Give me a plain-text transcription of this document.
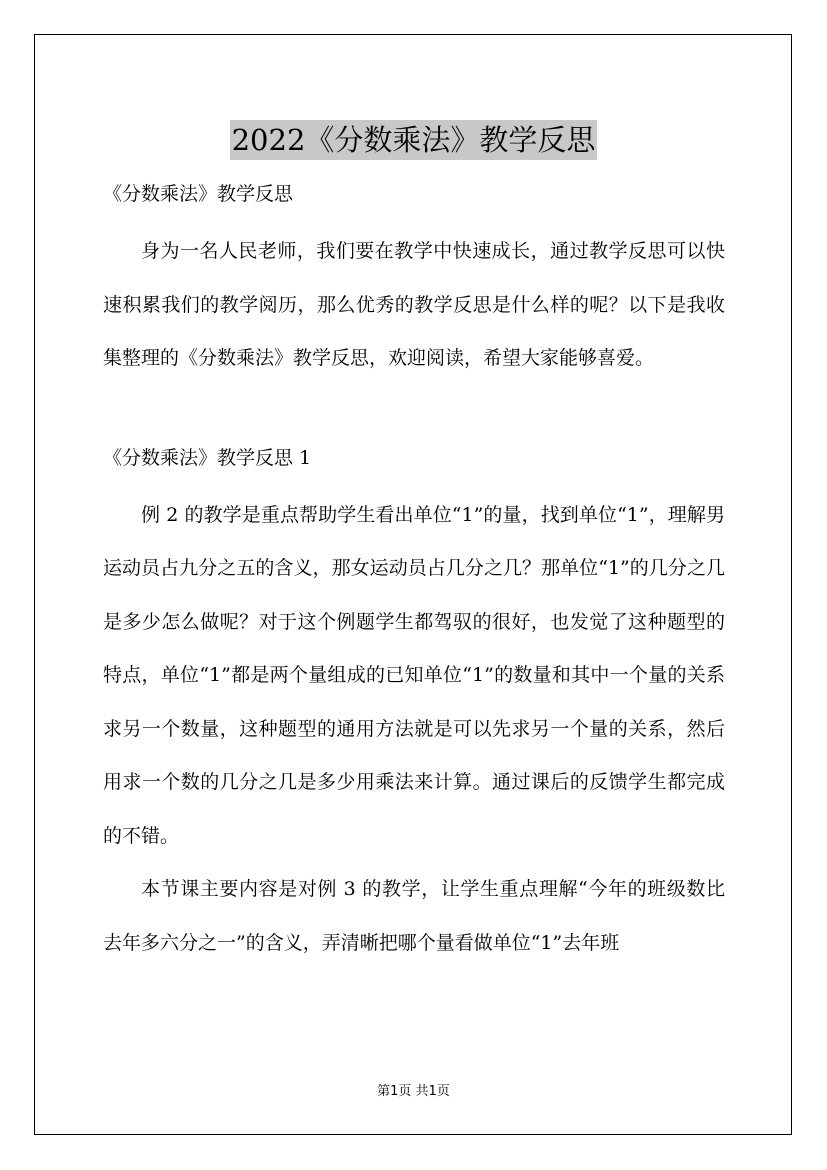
2022《分数乘法》教学反思

《分数乘法》教学反思

身为一名人民老师，我们要在教学中快速成长，通过教学反思可以快速积累我们的教学阅历，那么优秀的教学反思是什么样的呢？以下是我收集整理的《分数乘法》教学反思，欢迎阅读，希望大家能够喜爱。

《分数乘法》教学反思 1

例 2 的教学是重点帮助学生看出单位“1”的量，找到单位“1”，理解男运动员占九分之五的含义，那女运动员占几分之几？那单位“1”的几分之几是多少怎么做呢？对于这个例题学生都驾驭的很好，也发觉了这种题型的特点，单位“1”都是两个量组成的已知单位“1”的数量和其中一个量的关系求另一个数量，这种题型的通用方法就是可以先求另一个量的关系，然后用求一个数的几分之几是多少用乘法来计算。通过课后的反馈学生都完成的不错。

本节课主要内容是对例 3 的教学，让学生重点理解“今年的班级数比去年多六分之一”的含义，弄清晰把哪个量看做单位“1”去年班

第1页 共1页
